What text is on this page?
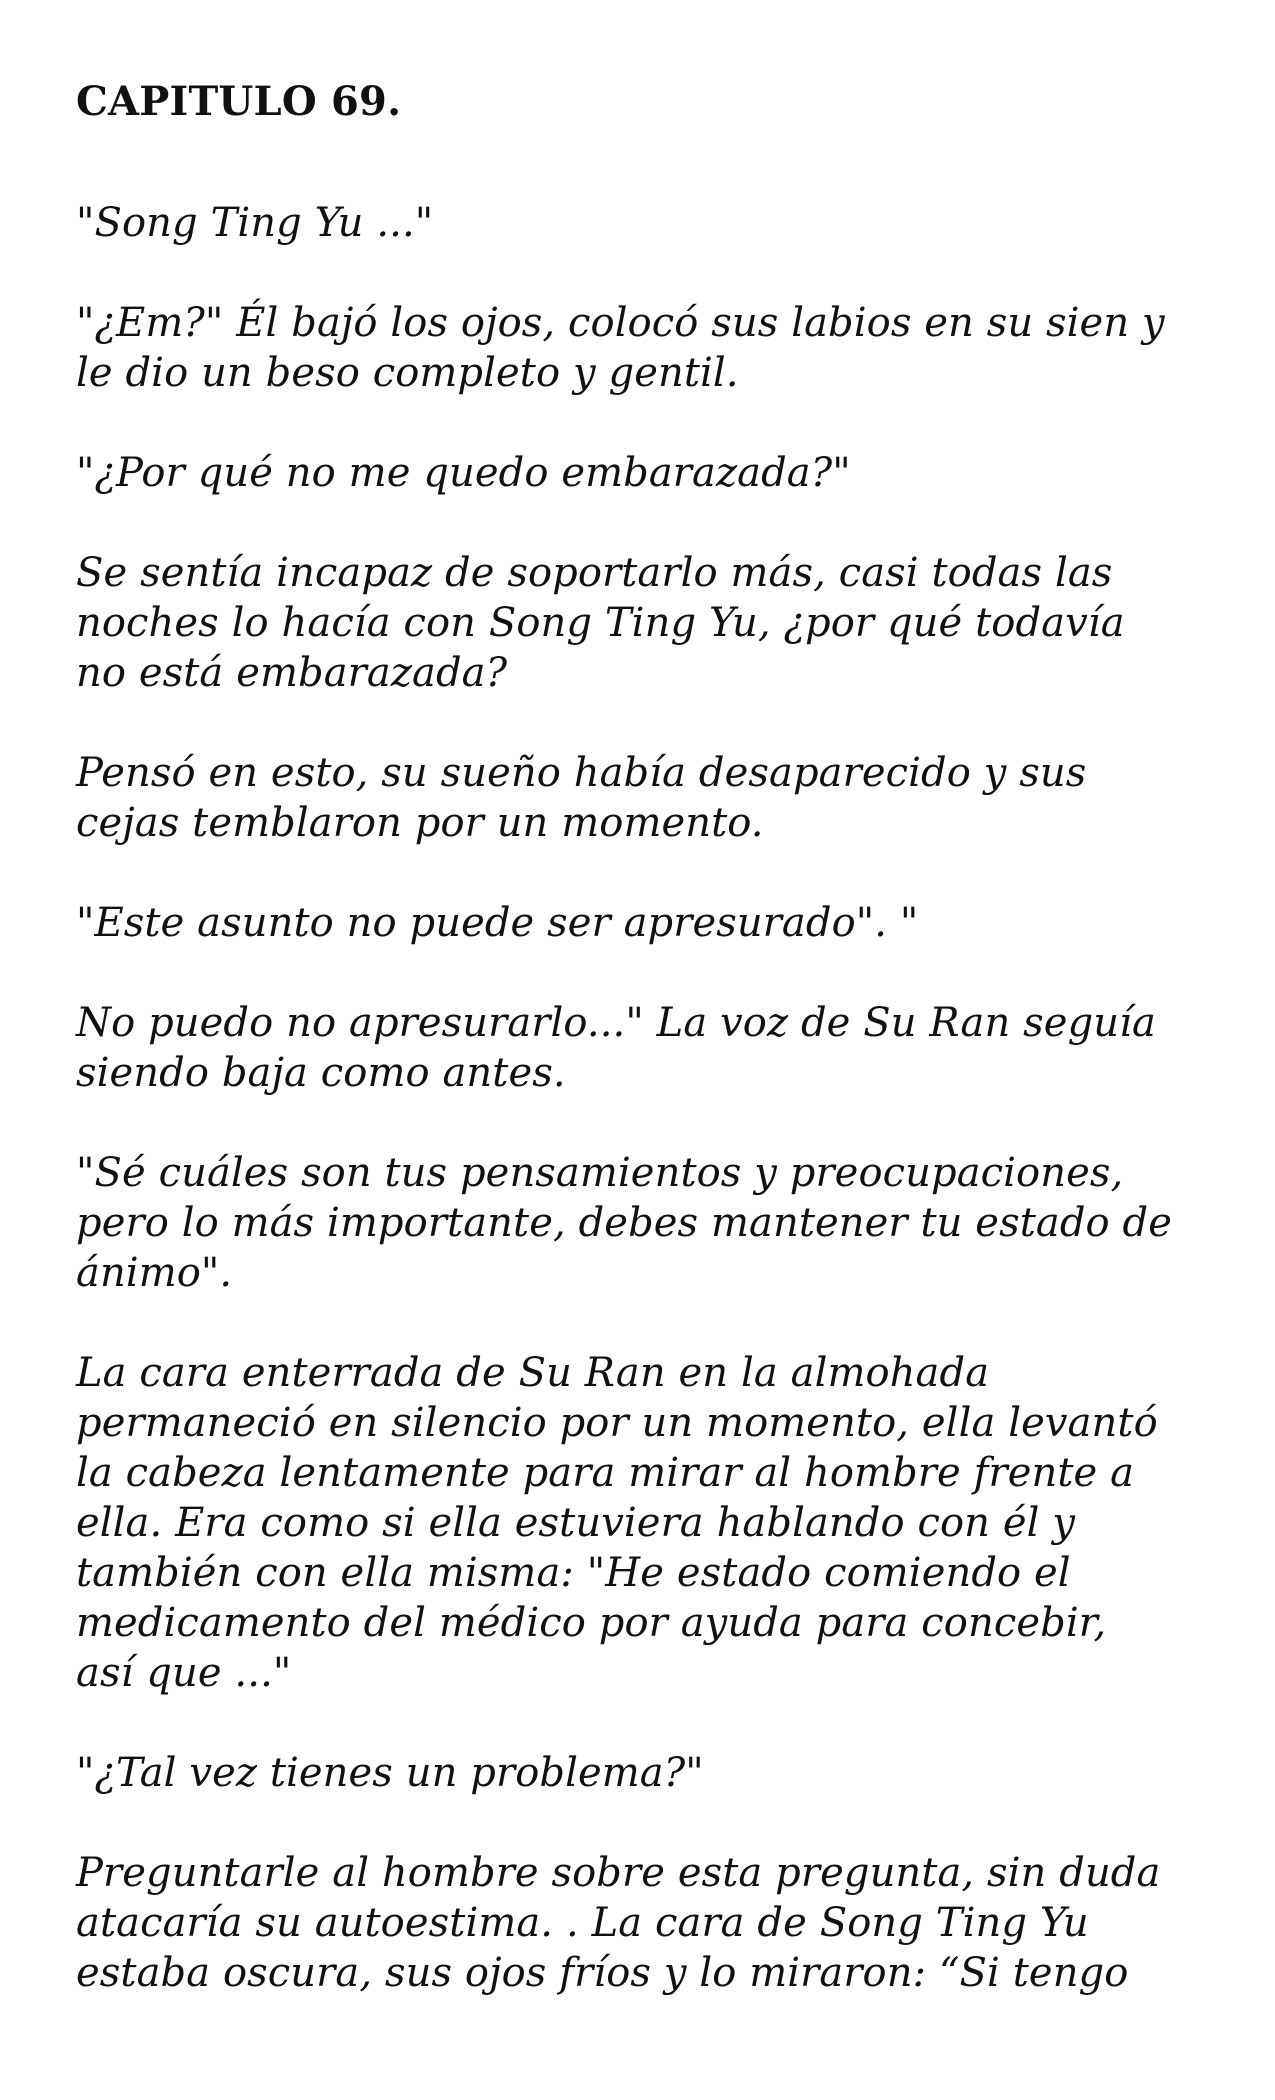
CAPITULO 69.

"Song Ting Yu ..."

"¿Em?" Él bajó los ojos, colocó sus labios en su sien y
le dio un beso completo y gentil.

"¿Por qué no me quedo embarazada?"

Se sentía incapaz de soportarlo más, casi todas las
noches lo hacía con Song Ting Yu, ¿por qué todavía
no está embarazada?

Pensó en esto, su sueño había desaparecido y sus
cejas temblaron por un momento.

"Este asunto no puede ser apresurado". "

No puedo no apresurarlo..." La voz de Su Ran seguía
siendo baja como antes.

"Sé cuáles son tus pensamientos y preocupaciones,
pero lo más importante, debes mantener tu estado de
ánimo".

La cara enterrada de Su Ran en la almohada
permaneció en silencio por un momento, ella levantó
la cabeza lentamente para mirar al hombre frente a
ella. Era como si ella estuviera hablando con él y
también con ella misma: "He estado comiendo el
medicamento del médico por ayuda para concebir,
así que ..."

"¿Tal vez tienes un problema?"

Preguntarle al hombre sobre esta pregunta, sin duda
atacaría su autoestima. . La cara de Song Ting Yu
estaba oscura, sus ojos fríos y lo miraron: “Si tengo
